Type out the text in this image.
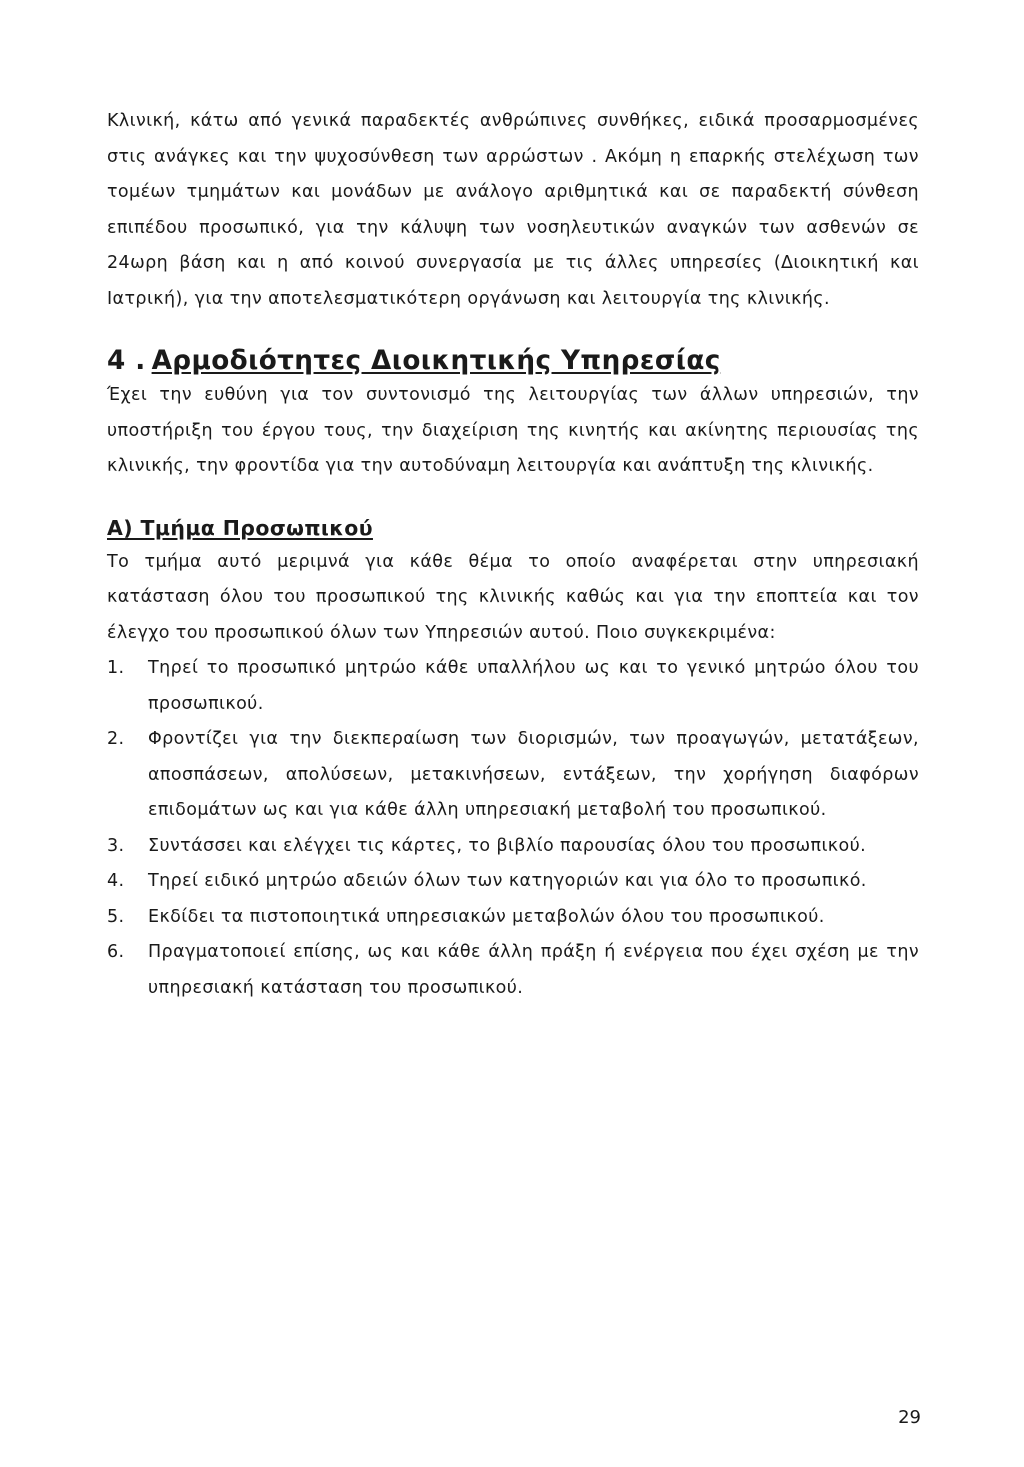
Κλινική, κάτω από γενικά παραδεκτές ανθρώπινες συνθήκες, ειδικά προσαρμοσμένες στις ανάγκες και την ψυχοσύνθεση των αρρώστων . Ακόμη η επαρκής στελέχωση των τομέων τμημάτων και μονάδων με ανάλογο αριθμητικά και σε παραδεκτή σύνθεση επιπέδου προσωπικό, για την κάλυψη των νοσηλευτικών αναγκών των ασθενών σε 24ωρη βάση και η από κοινού συνεργασία με τις άλλες υπηρεσίες (Διοικητική και Ιατρική), για την αποτελεσματικότερη οργάνωση και λειτουργία της κλινικής.

4 . Αρμοδιότητες Διοικητικής Υπηρεσίας

Έχει την ευθύνη για τον συντονισμό της λειτουργίας των άλλων υπηρεσιών, την υποστήριξη του έργου τους, την διαχείριση της κινητής και ακίνητης περιουσίας της κλινικής, την φροντίδα για την αυτοδύναμη λειτουργία και ανάπτυξη της κλινικής.

Α) Τμήμα Προσωπικού

Το τμήμα αυτό μεριμνά για κάθε θέμα το οποίο αναφέρεται στην υπηρεσιακή κατάσταση όλου του προσωπικού της κλινικής καθώς και για την εποπτεία και τον έλεγχο του προσωπικού όλων των Υπηρεσιών αυτού. Ποιο συγκεκριμένα:

1. Τηρεί το προσωπικό μητρώο κάθε υπαλλήλου ως και το γενικό μητρώο όλου του προσωπικού.
2. Φροντίζει για την διεκπεραίωση των διορισμών, των προαγωγών, μετατάξεων, αποσπάσεων, απολύσεων, μετακινήσεων, εντάξεων, την χορήγηση διαφόρων επιδομάτων ως και για κάθε άλλη υπηρεσιακή μεταβολή του προσωπικού.
3. Συντάσσει και ελέγχει τις κάρτες, το βιβλίο παρουσίας όλου του προσωπικού.
4. Τηρεί ειδικό μητρώο αδειών όλων των κατηγοριών και για όλο το προσωπικό.
5. Εκδίδει τα πιστοποιητικά υπηρεσιακών μεταβολών όλου του προσωπικού.
6. Πραγματοποιεί επίσης, ως και κάθε άλλη πράξη ή ενέργεια που έχει σχέση με την υπηρεσιακή κατάσταση του προσωπικού.
29
